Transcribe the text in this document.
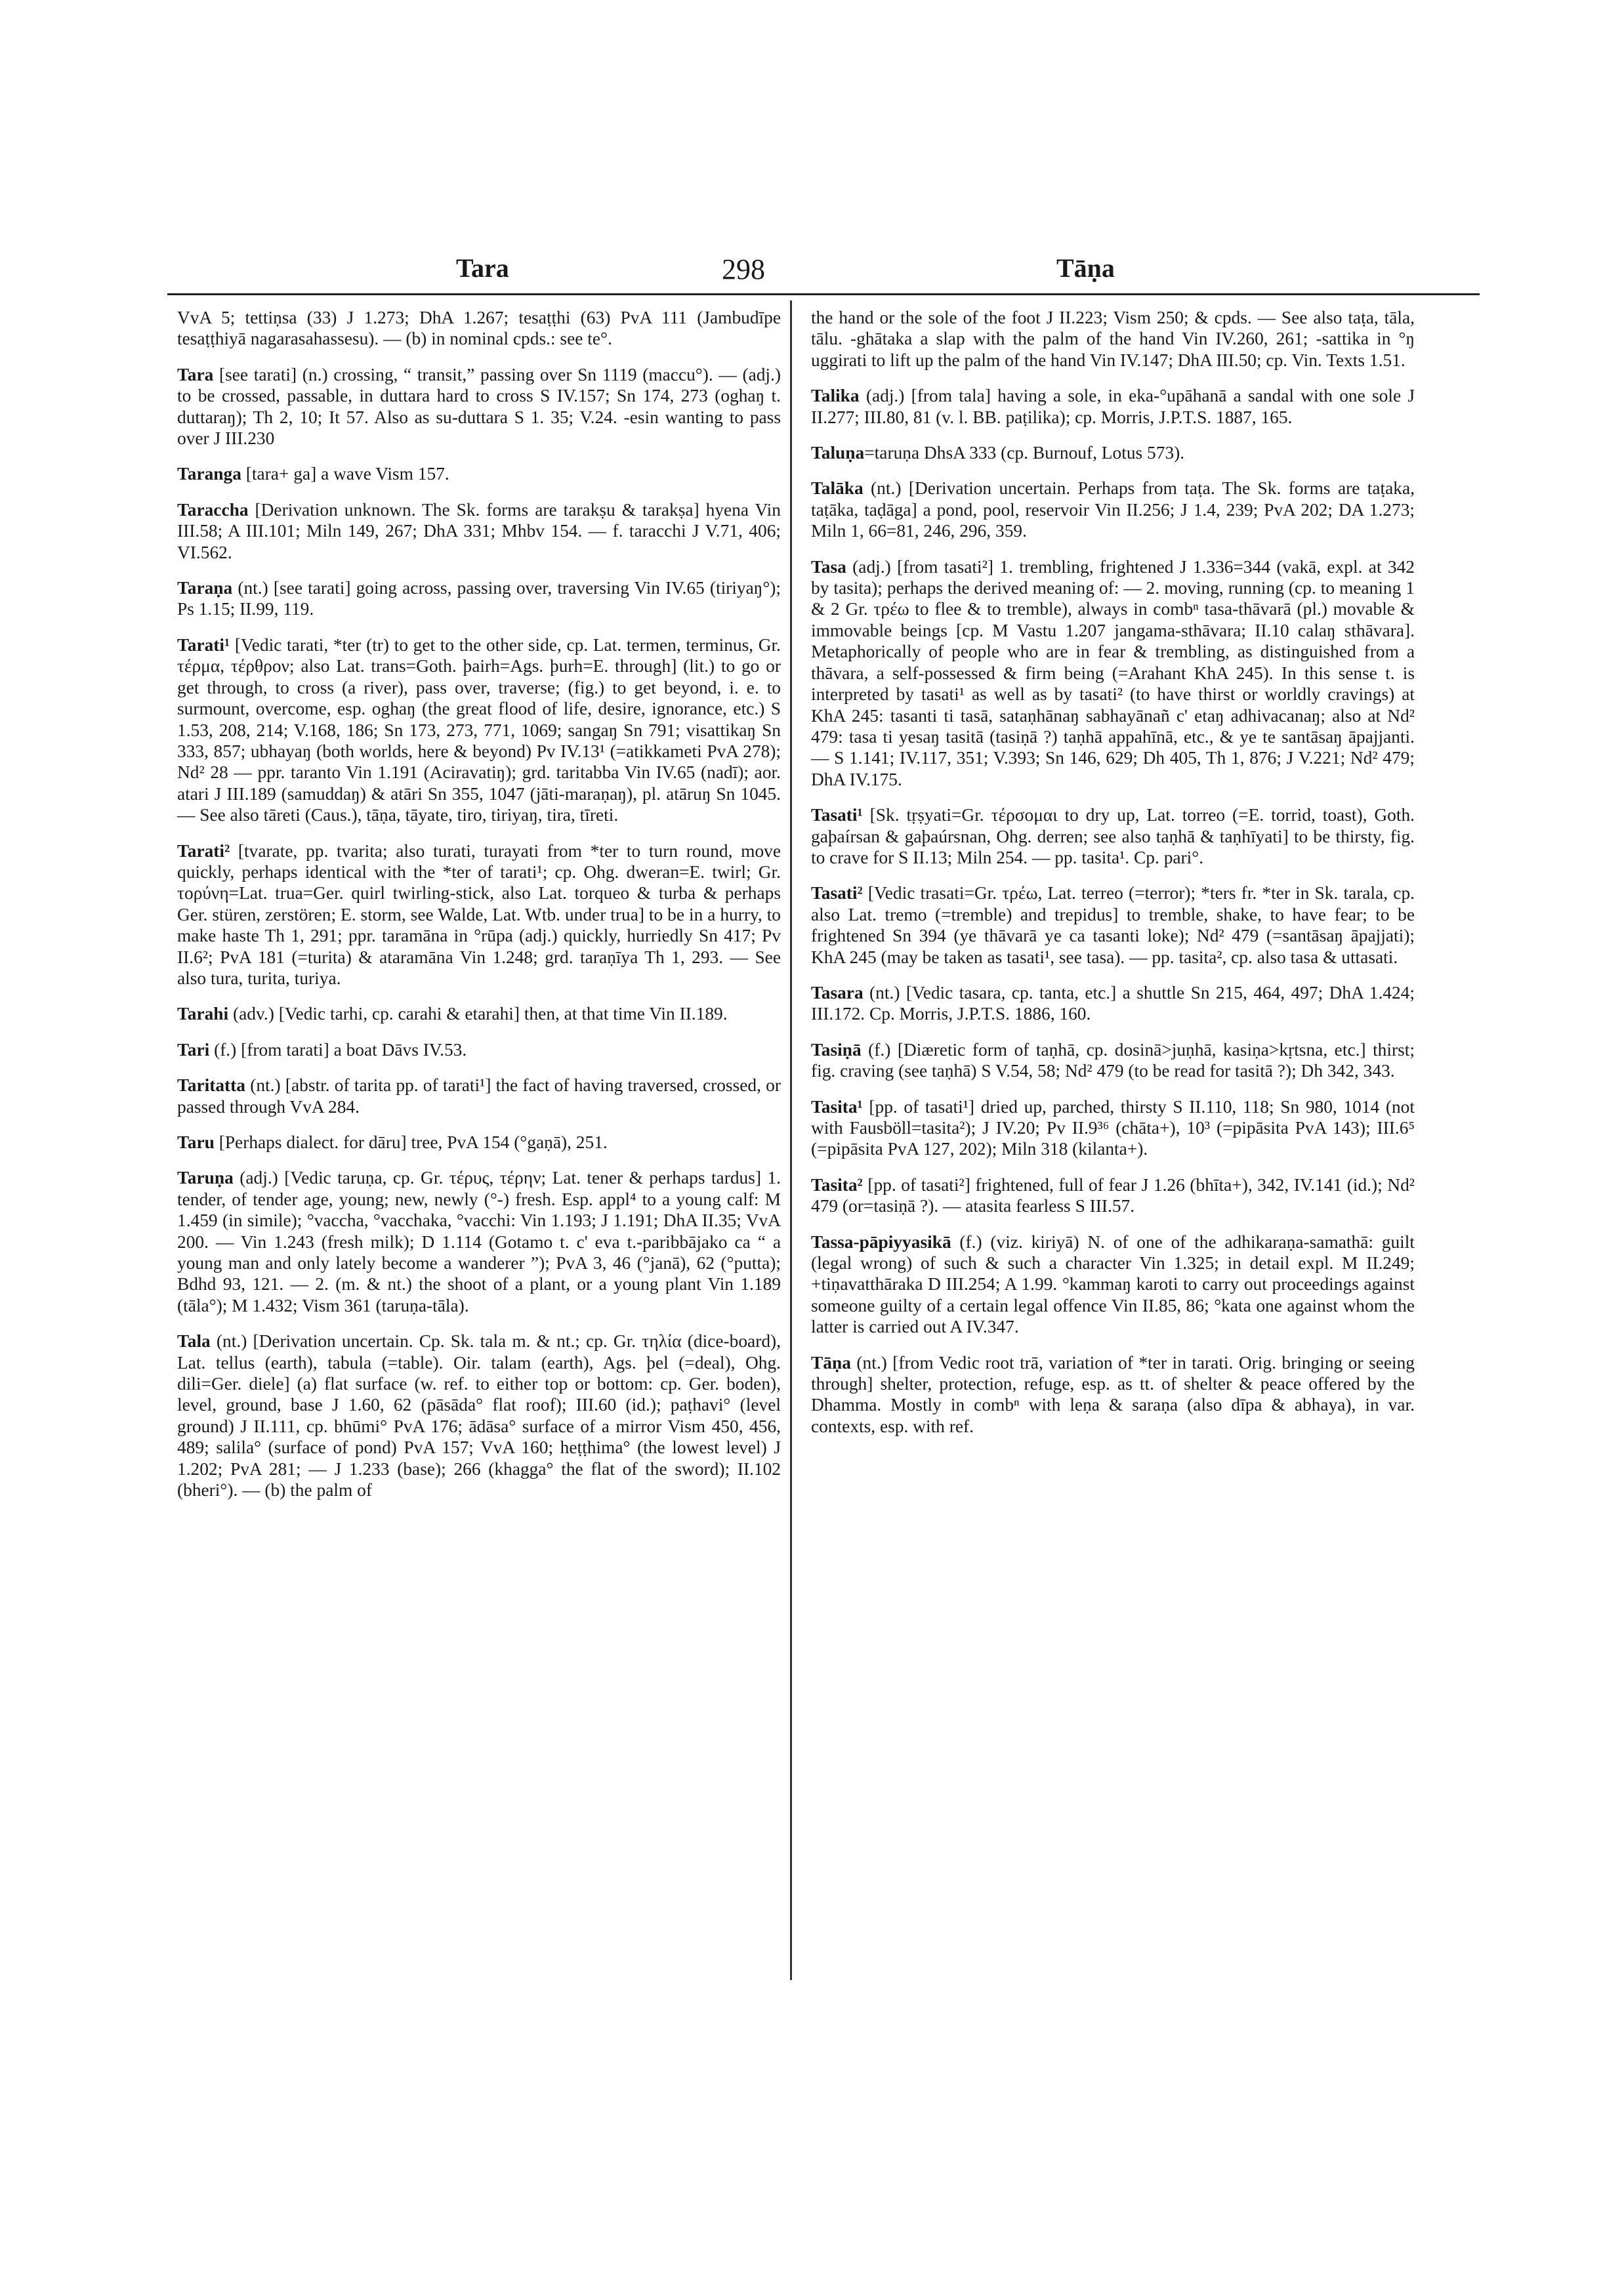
Tara	298	Tāṇa

VvA 5; tettiṇsa (33) J 1.273; DhA 1.267; tesaṭṭhi (63) PvA 111 (Jambudīpe tesaṭṭhiyā nagarasahassesu). — (b) in nominal cpds.: see te°.

Tara [see tarati] (n.) crossing, “ transit,” passing over Sn 1119 (maccu°). — (adj.) to be crossed, passable, in duttara hard to cross S IV.157; Sn 174, 273 (oghaŋ t. duttaraŋ); Th 2, 10; It 57. Also as su-duttara S 1. 35; V.24. -esin wanting to pass over J III.230

Taranga [tara+ ga] a wave Vism 157.

Taraccha [Derivation unknown. The Sk. forms are tarakṣu & tarakṣa] hyena Vin III.58; A III.101; Miln 149, 267; DhA 331; Mhbv 154. — f. taracchi J V.71, 406; VI.562.

Taraṇa (nt.) [see tarati] going across, passing over, traversing Vin IV.65 (tiriyaŋ°); Ps 1.15; II.99, 119.

Tarati¹ [Vedic tarati, *ter (tr) to get to the other side, cp. Lat. termen, terminus, Gr. τέρμα, τέρθρον; also Lat. trans=Goth. þairh=Ags. þurh=E. through] (lit.) to go or get through, to cross (a river), pass over, traverse; (fig.) to get beyond, i. e. to surmount, overcome, esp. oghaŋ (the great flood of life, desire, ignorance, etc.) S 1.53, 208, 214; V.168, 186; Sn 173, 273, 771, 1069; sangaŋ Sn 791; visattikaŋ Sn 333, 857; ubhayaŋ (both worlds, here & beyond) Pv IV.13¹ (=atikkameti PvA 278); Nd² 28 — ppr. taranto Vin 1.191 (Aciravatiŋ); grd. taritabba Vin IV.65 (nadī); aor. atari J III.189 (samuddaŋ) & atāri Sn 355, 1047 (jāti-maraṇaŋ), pl. atāruŋ Sn 1045. — See also tāreti (Caus.), tāṇa, tāyate, tiro, tiriyaŋ, tira, tīreti.

Tarati² [tvarate, pp. tvarita; also turati, turayati from *ter to turn round, move quickly, perhaps identical with the *ter of tarati¹; cp. Ohg. dweran=E. twirl; Gr. τορύνη=Lat. trua=Ger. quirl twirling-stick, also Lat. torqueo & turba & perhaps Ger. stüren, zerstören; E. storm, see Walde, Lat. Wtb. under trua] to be in a hurry, to make haste Th 1, 291; ppr. taramāna in °rūpa (adj.) quickly, hurriedly Sn 417; Pv II.6²; PvA 181 (=turita) & ataramāna Vin 1.248; grd. taraṇīya Th 1, 293. — See also tura, turita, turiya.

Tarahi (adv.) [Vedic tarhi, cp. carahi & etarahi] then, at that time Vin II.189.

Tari (f.) [from tarati] a boat Dāvs IV.53.

Taritatta (nt.) [abstr. of tarita pp. of tarati¹] the fact of having traversed, crossed, or passed through VvA 284.

Taru [Perhaps dialect. for dāru] tree, PvA 154 (°gaṇā), 251.

Taruṇa (adj.) [Vedic taruṇa, cp. Gr. τέρυς, τέρην; Lat. tener & perhaps tardus] 1. tender, of tender age, young; new, newly (°-) fresh. Esp. appl⁴ to a young calf: M 1.459 (in simile); °vaccha, °vacchaka, °vacchi: Vin 1.193; J 1.191; DhA II.35; VvA 200. — Vin 1.243 (fresh milk); D 1.114 (Gotamo t. c' eva t.-paribbājako ca “ a young man and only lately become a wanderer ”); PvA 3, 46 (°janā), 62 (°putta); Bdhd 93, 121. — 2. (m. & nt.) the shoot of a plant, or a young plant Vin 1.189 (tāla°); M 1.432; Vism 361 (taruṇa-tāla).

Tala (nt.) [Derivation uncertain. Cp. Sk. tala m. & nt.; cp. Gr. τηλία (dice-board), Lat. tellus (earth), tabula (=table). Oir. talam (earth), Ags. þel (=deal), Ohg. dili=Ger. diele] (a) flat surface (w. ref. to either top or bottom: cp. Ger. boden), level, ground, base J 1.60, 62 (pāsāda° flat roof); III.60 (id.); paṭhavi° (level ground) J II.111, cp. bhūmi° PvA 176; ādāsa° surface of a mirror Vism 450, 456, 489; salila° (surface of pond) PvA 157; VvA 160; heṭṭhima° (the lowest level) J 1.202; PvA 281; — J 1.233 (base); 266 (khagga° the flat of the sword); II.102 (bheri°). — (b) the palm of

the hand or the sole of the foot J II.223; Vism 250; & cpds. — See also taṭa, tāla, tālu. -ghātaka a slap with the palm of the hand Vin IV.260, 261; -sattika in °ŋ uggirati to lift up the palm of the hand Vin IV.147; DhA III.50; cp. Vin. Texts 1.51.

Talika (adj.) [from tala] having a sole, in eka-°upāhanā a sandal with one sole J II.277; III.80, 81 (v. l. BB. paṭilika); cp. Morris, J.P.T.S. 1887, 165.

Taluṇa=taruṇa DhsA 333 (cp. Burnouf, Lotus 573).

Talāka (nt.) [Derivation uncertain. Perhaps from taṭa. The Sk. forms are taṭaka, taṭāka, taḍāga] a pond, pool, reservoir Vin II.256; J 1.4, 239; PvA 202; DA 1.273; Miln 1, 66=81, 246, 296, 359.

Tasa (adj.) [from tasati²] 1. trembling, frightened J 1.336=344 (vakā, expl. at 342 by tasita); perhaps the derived meaning of: — 2. moving, running (cp. to meaning 1 & 2 Gr. τρέω to flee & to tremble), always in combⁿ tasa-thāvarā (pl.) movable & immovable beings [cp. M Vastu 1.207 jangama-sthāvara; II.10 calaŋ sthāvara]. Metaphorically of people who are in fear & trembling, as distinguished from a thāvara, a self-possessed & firm being (=Arahant KhA 245). In this sense t. is interpreted by tasati¹ as well as by tasati² (to have thirst or worldly cravings) at KhA 245: tasanti ti tasā, sataṇhānaŋ sabhayānañ c' etaŋ adhivacanaŋ; also at Nd² 479: tasa ti yesaŋ tasitā (tasiṇā ?) taṇhā appahīnā, etc., & ye te santāsaŋ āpajjanti. — S 1.141; IV.117, 351; V.393; Sn 146, 629; Dh 405, Th 1, 876; J V.221; Nd² 479; DhA IV.175.

Tasati¹ [Sk. tṛṣyati=Gr. τέρσομαι to dry up, Lat. torreo (=E. torrid, toast), Goth. gaþaírsan & gaþaúrsnan, Ohg. derren; see also taṇhā & taṇhīyati] to be thirsty, fig. to crave for S II.13; Miln 254. — pp. tasita¹. Cp. pari°.

Tasati² [Vedic trasati=Gr. τρέω, Lat. terreo (=terror); *ters fr. *ter in Sk. tarala, cp. also Lat. tremo (=tremble) and trepidus] to tremble, shake, to have fear; to be frightened Sn 394 (ye thāvarā ye ca tasanti loke); Nd² 479 (=santāsaŋ āpajjati); KhA 245 (may be taken as tasati¹, see tasa). — pp. tasita², cp. also tasa & uttasati.

Tasara (nt.) [Vedic tasara, cp. tanta, etc.] a shuttle Sn 215, 464, 497; DhA 1.424; III.172. Cp. Morris, J.P.T.S. 1886, 160.

Tasiṇā (f.) [Diæretic form of taṇhā, cp. dosinā>juṇhā, kasiṇa>kṛtsna, etc.] thirst; fig. craving (see taṇhā) S V.54, 58; Nd² 479 (to be read for tasitā ?); Dh 342, 343.

Tasita¹ [pp. of tasati¹] dried up, parched, thirsty S II.110, 118; Sn 980, 1014 (not with Fausböll=tasita²); J IV.20; Pv II.9³⁶ (chāta+), 10³ (=pipāsita PvA 143); III.6⁵ (=pipāsita PvA 127, 202); Miln 318 (kilanta+).

Tasita² [pp. of tasati²] frightened, full of fear J 1.26 (bhīta+), 342, IV.141 (id.); Nd² 479 (or=tasiṇā ?). — atasita fearless S III.57.

Tassa-pāpiyyasikā (f.) (viz. kiriyā) N. of one of the adhikaraṇa-samathā: guilt (legal wrong) of such & such a character Vin 1.325; in detail expl. M II.249; +tiṇavatthāraka D III.254; A 1.99. °kammaŋ karoti to carry out proceedings against someone guilty of a certain legal offence Vin II.85, 86; °kata one against whom the latter is carried out A IV.347.

Tāṇa (nt.) [from Vedic root trā, variation of *ter in tarati. Orig. bringing or seeing through] shelter, protection, refuge, esp. as tt. of shelter & peace offered by the Dhamma. Mostly in combⁿ with leṇa & saraṇa (also dīpa & abhaya), in var. contexts, esp. with ref.
